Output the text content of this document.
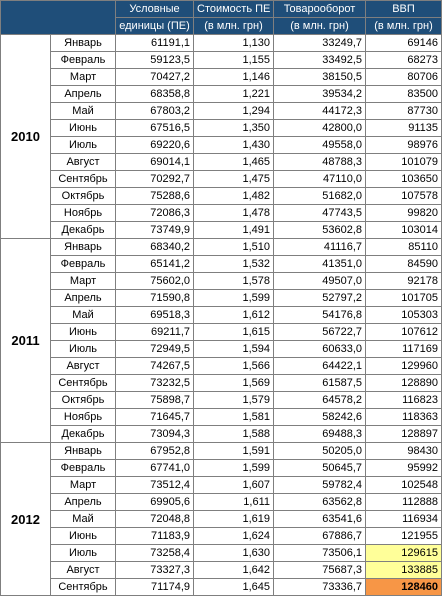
		Условные	Стоимость ПЕ	Товарооборот	ВВП
		единицы (ПЕ)	(в млн. грн)	(в млн. грн)	(в млн. грн)
2010	Январь	61191,1	1,130	33249,7	69146
	Февраль	59123,5	1,155	33492,5	68273
	Март	70427,2	1,146	38150,5	80706
	Апрель	68358,8	1,221	39534,2	83500
	Май	67803,2	1,294	44172,3	87730
	Июнь	67516,5	1,350	42800,0	91135
	Июль	69220,6	1,430	49558,0	98976
	Август	69014,1	1,465	48788,3	101079
	Сентябрь	70292,7	1,475	47110,0	103650
	Октябрь	75288,6	1,482	51682,0	107578
	Ноябрь	72086,3	1,478	47743,5	99820
	Декабрь	73749,9	1,491	53602,8	103014
2011	Январь	68340,2	1,510	41116,7	85110
	Февраль	65141,2	1,532	41351,0	84590
	Март	75602,0	1,578	49507,0	92178
	Апрель	71590,8	1,599	52797,2	101705
	Май	69518,3	1,612	54176,8	105303
	Июнь	69211,7	1,615	56722,7	107612
	Июль	72949,5	1,594	60633,0	117169
	Август	74267,5	1,566	64422,1	129960
	Сентябрь	73232,5	1,569	61587,5	128890
	Октябрь	75898,7	1,579	64578,2	116823
	Ноябрь	71645,7	1,581	58242,6	118363
	Декабрь	73094,3	1,588	69488,3	128897
2012	Январь	67952,8	1,591	50205,0	98430
	Февраль	67741,0	1,599	50645,7	95992
	Март	73512,4	1,607	59782,4	102548
	Апрель	69905,6	1,611	63562,8	112888
	Май	72048,8	1,619	63541,6	116934
	Июнь	71183,9	1,624	67886,7	121955
	Июль	73258,4	1,630	73506,1	129615
	Август	73327,3	1,642	75687,3	133885
	Сентябрь	71174,9	1,645	73336,7	128460
